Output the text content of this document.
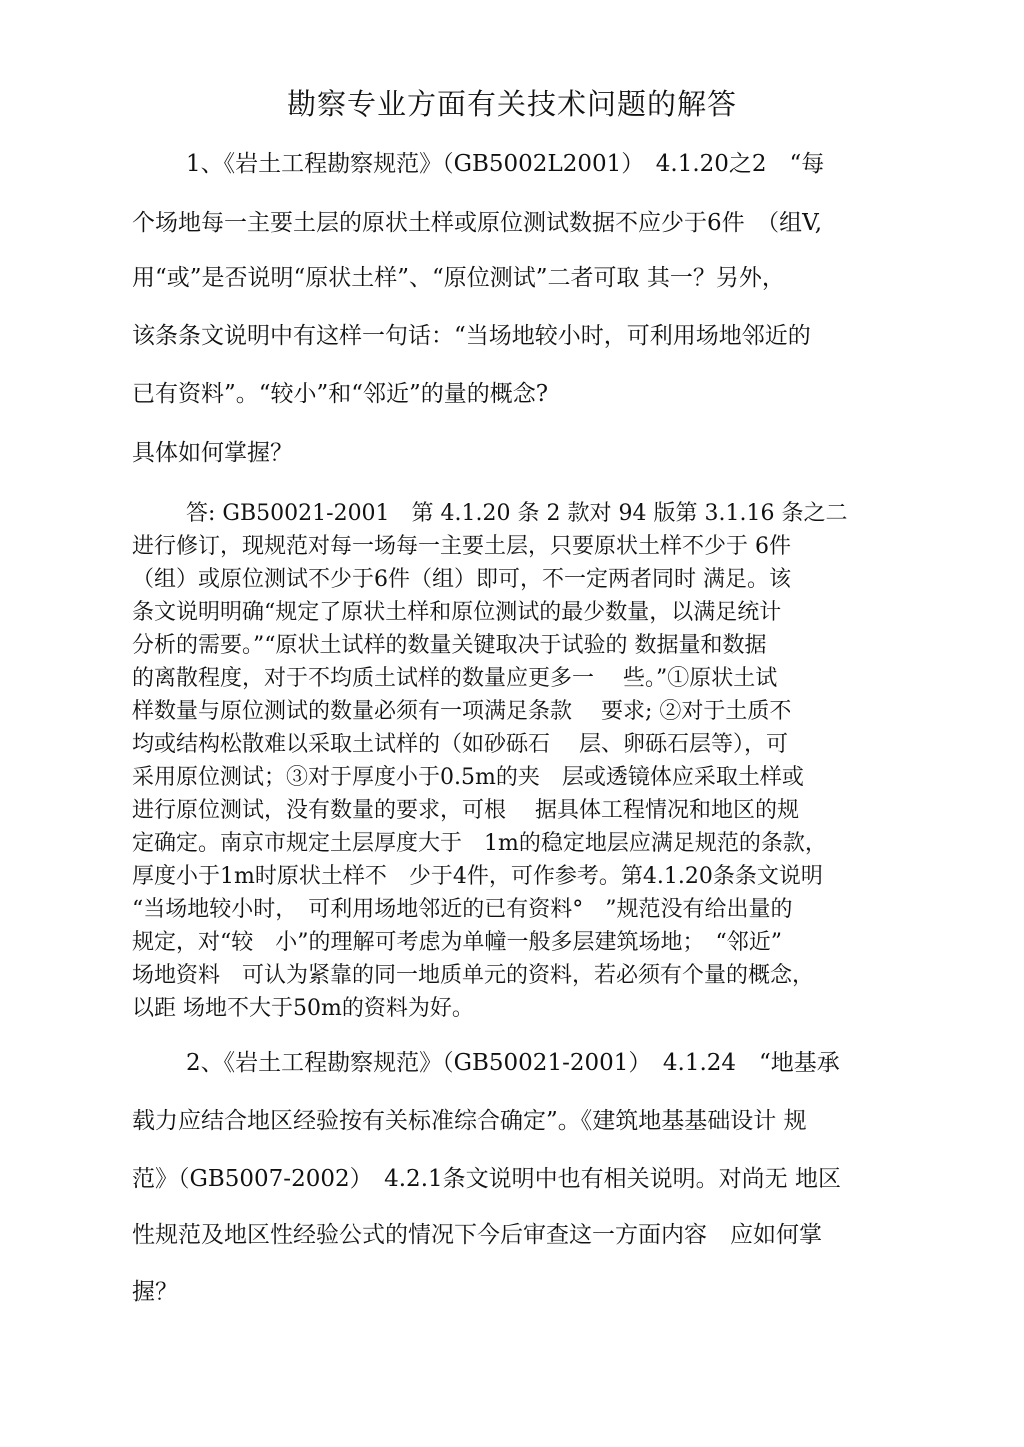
勘察专业方面有关技术问题的解答
1、《岩土工程勘察规范》（GB5002L2001）　4.1.20之2　“每
个场地每一主要土层的原状土样或原位测试数据不应少于6件　（组V,
用“或”是否说明“原状土样”、“原位测试”二者可取 其一？另外，
该条条文说明中有这样一句话：“当场地较小时，可利用场地邻近的
已有资料”。“较小”和“邻近”的量的概念?
具体如何掌握？
答: GB50021-2001　第 4.1.20 条 2 款对 94 版第 3.1.16 条之二
进行修订，现规范对每一场每一主要土层，只要原状土样不少于 6件
（组）或原位测试不少于6件（组）即可，不一定两者同时 满足。该
条文说明明确“规定了原状土样和原位测试的最少数量，以满足统计
分析的需要。”“原状土试样的数量关键取决于试验的 数据量和数据
的离散程度，对于不均质土试样的数量应更多一　 些。”①原状土试
样数量与原位测试的数量必须有一项满足条款　 要求; ②对于土质不
均或结构松散难以采取土试样的（如砂砾石　 层、卵砾石层等），可
采用原位测试；③对于厚度小于0.5m的夹　层或透镜体应采取土样或
进行原位测试，没有数量的要求，可根　 据具体工程情况和地区的规
定确定。南京市规定土层厚度大于　1m的稳定地层应满足规范的条款，
厚度小于1m时原状土样不　少于4件，可作参考。第4.1.20条条文说明
“当场地较小时，　可利用场地邻近的已有资料°　”规范没有给出量的
规定，对“较　小”的理解可考虑为单幢一般多层建筑场地；　“邻近”
场地资料　可认为紧靠的同一地质单元的资料，若必须有个量的概念，
以距 场地不大于50m的资料为好。
2、《岩土工程勘察规范》（GB50021-2001）　4.1.24　“地基承
载力应结合地区经验按有关标准综合确定”。《建筑地基基础设计 规
范》（GB5007-2002）　4.2.1条文说明中也有相关说明。对尚无 地区
性规范及地区性经验公式的情况下今后审查这一方面内容　应如何掌
握？
